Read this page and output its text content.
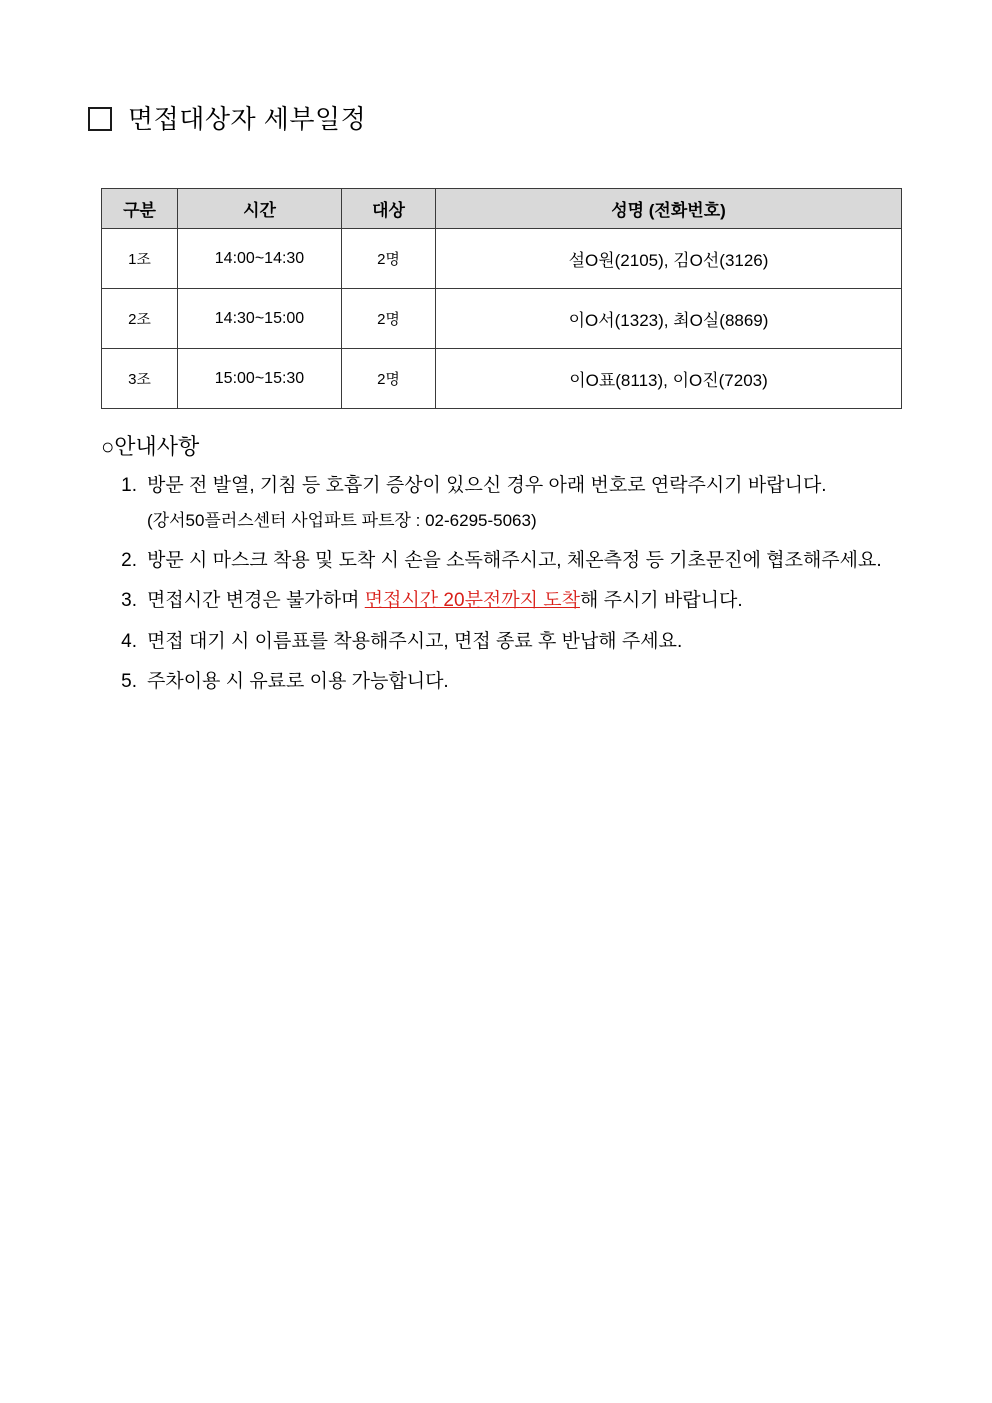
면접대상자 세부일정
구분	시간	대상	성명 (전화번호)
1조	14:00~14:30	2명	설O원(2105), 김O선(3126)
2조	14:30~15:00	2명	이O서(1323), 최O실(8869)
3조	15:00~15:30	2명	이O표(8113), 이O진(7203)
○안내사항
1. 방문 전 발열, 기침 등 호흡기 증상이 있으신 경우 아래 번호로 연락주시기 바랍니다.
(강서50플러스센터 사업파트 파트장 : 02-6295-5063)
2. 방문 시 마스크 착용 및 도착 시 손을 소독해주시고, 체온측정 등 기초문진에 협조해주세요.
3. 면접시간 변경은 불가하며 면접시간 20분전까지 도착해 주시기 바랍니다.
4. 면접 대기 시 이름표를 착용해주시고, 면접 종료 후 반납해 주세요.
5. 주차이용 시 유료로 이용 가능합니다.
